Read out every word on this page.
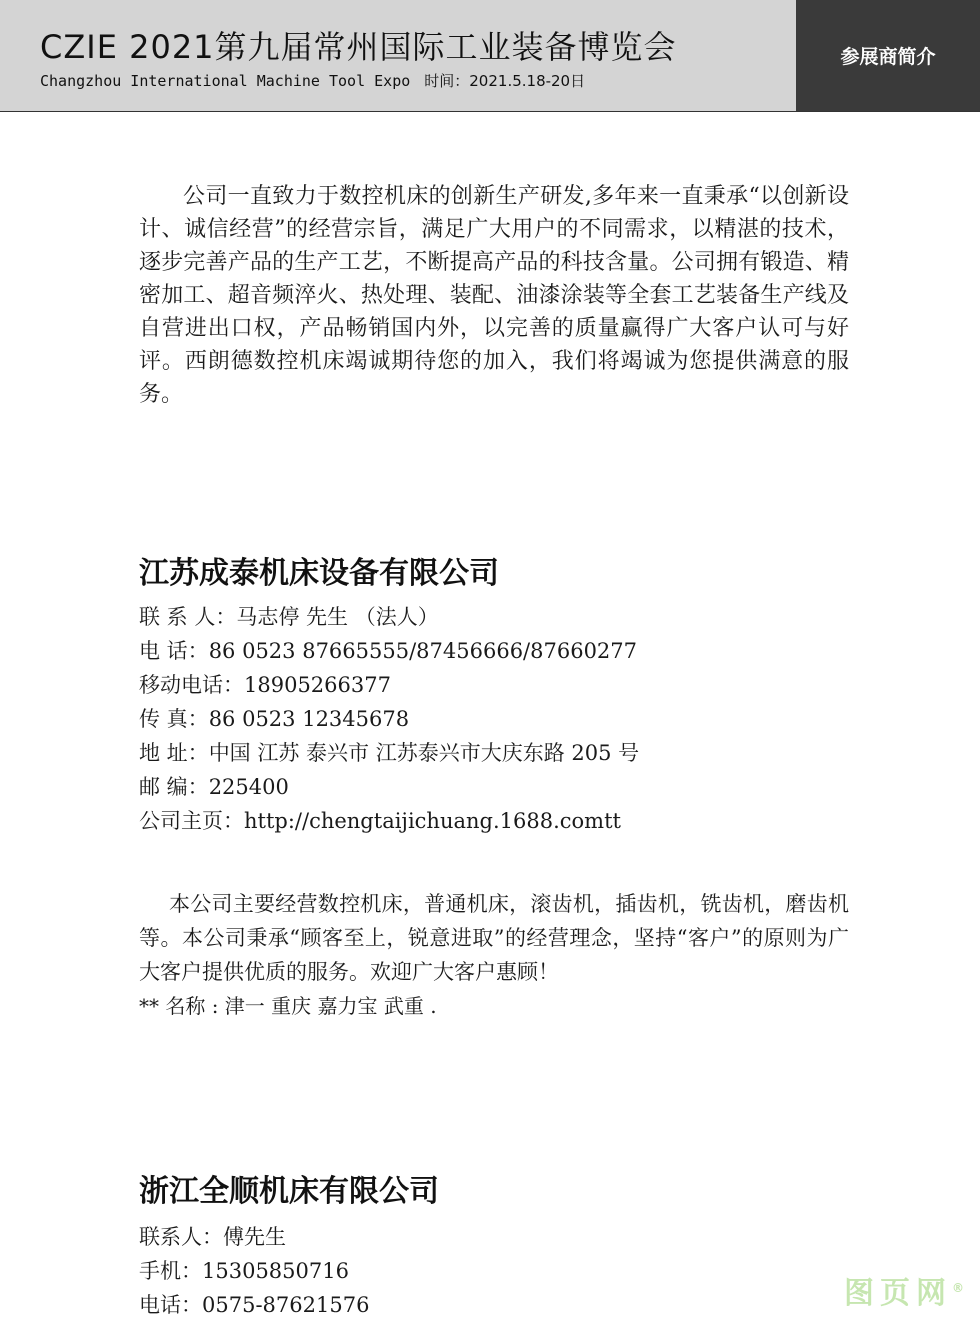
CZIE 2021第九届常州国际工业装备博览会
Changzhou International Machine Tool Expo 时间：2021.5.18-20日
参展商简介

公司一直致力于数控机床的创新生产研发,多年来一直秉承“以创新设计、诚信经营”的经营宗旨，满足广大用户的不同需求，以精湛的技术，逐步完善产品的生产工艺，不断提高产品的科技含量。公司拥有锻造、精密加工、超音频淬火、热处理、装配、油漆涂装等全套工艺装备生产线及自营进出口权，产品畅销国内外，以完善的质量赢得广大客户认可与好评。西朗德数控机床竭诚期待您的加入，我们将竭诚为您提供满意的服务。

江苏成泰机床设备有限公司
联 系 人：马志停 先生 （法人）
电 话：86 0523 87665555/87456666/87660277
移动电话：18905266377
传 真：86 0523 12345678
地 址：中国 江苏 泰兴市 江苏泰兴市大庆东路 205 号
邮 编：225400
公司主页：http://chengtaijichuang.1688.comtt

本公司主要经营数控机床，普通机床，滚齿机，插齿机，铣齿机，磨齿机等。本公司秉承“顾客至上，锐意进取”的经营理念，坚持“客户”的原则为广大客户提供优质的服务。欢迎广大客户惠顾！

** 名称 : 津一 重庆 嘉力宝 武重 .
浙江全顺机床有限公司
联系人：傅先生
手机：15305850716
电话：0575-87621576	图页网®
